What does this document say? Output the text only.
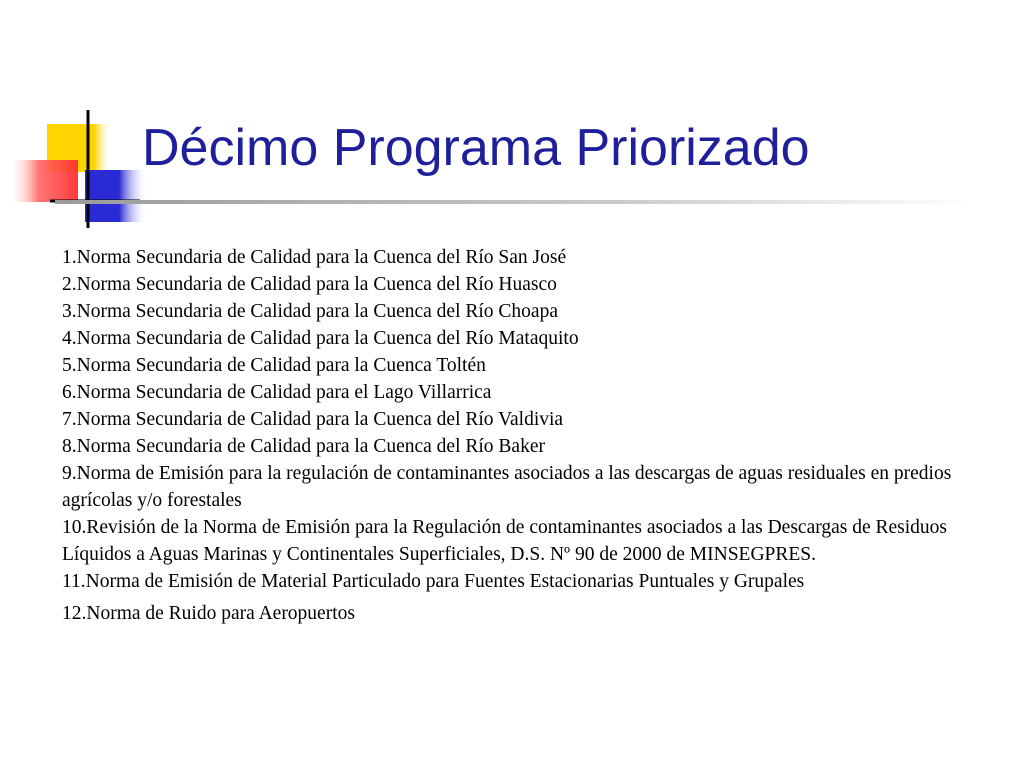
Décimo Programa Priorizado

1.Norma Secundaria de Calidad para la Cuenca del Río San José

2.Norma Secundaria de Calidad para la Cuenca del Río Huasco

3.Norma Secundaria de Calidad para la Cuenca del Río Choapa

4.Norma Secundaria de Calidad para la Cuenca del Río Mataquito

5.Norma Secundaria de Calidad para la Cuenca Toltén

6.Norma Secundaria de Calidad para el Lago Villarrica

7.Norma Secundaria de Calidad para la Cuenca del Río Valdivia

8.Norma Secundaria de Calidad para la Cuenca del Río Baker

9.Norma de Emisión para la regulación de contaminantes asociados a las descargas de aguas residuales en predios agrícolas y/o forestales

10.Revisión de la Norma de Emisión para la Regulación de contaminantes asociados a las Descargas de Residuos Líquidos a Aguas Marinas y Continentales Superficiales, D.S. Nº 90 de 2000 de MINSEGPRES.

11.Norma de Emisión de Material Particulado para Fuentes Estacionarias Puntuales y Grupales

12.Norma de Ruido para Aeropuertos
